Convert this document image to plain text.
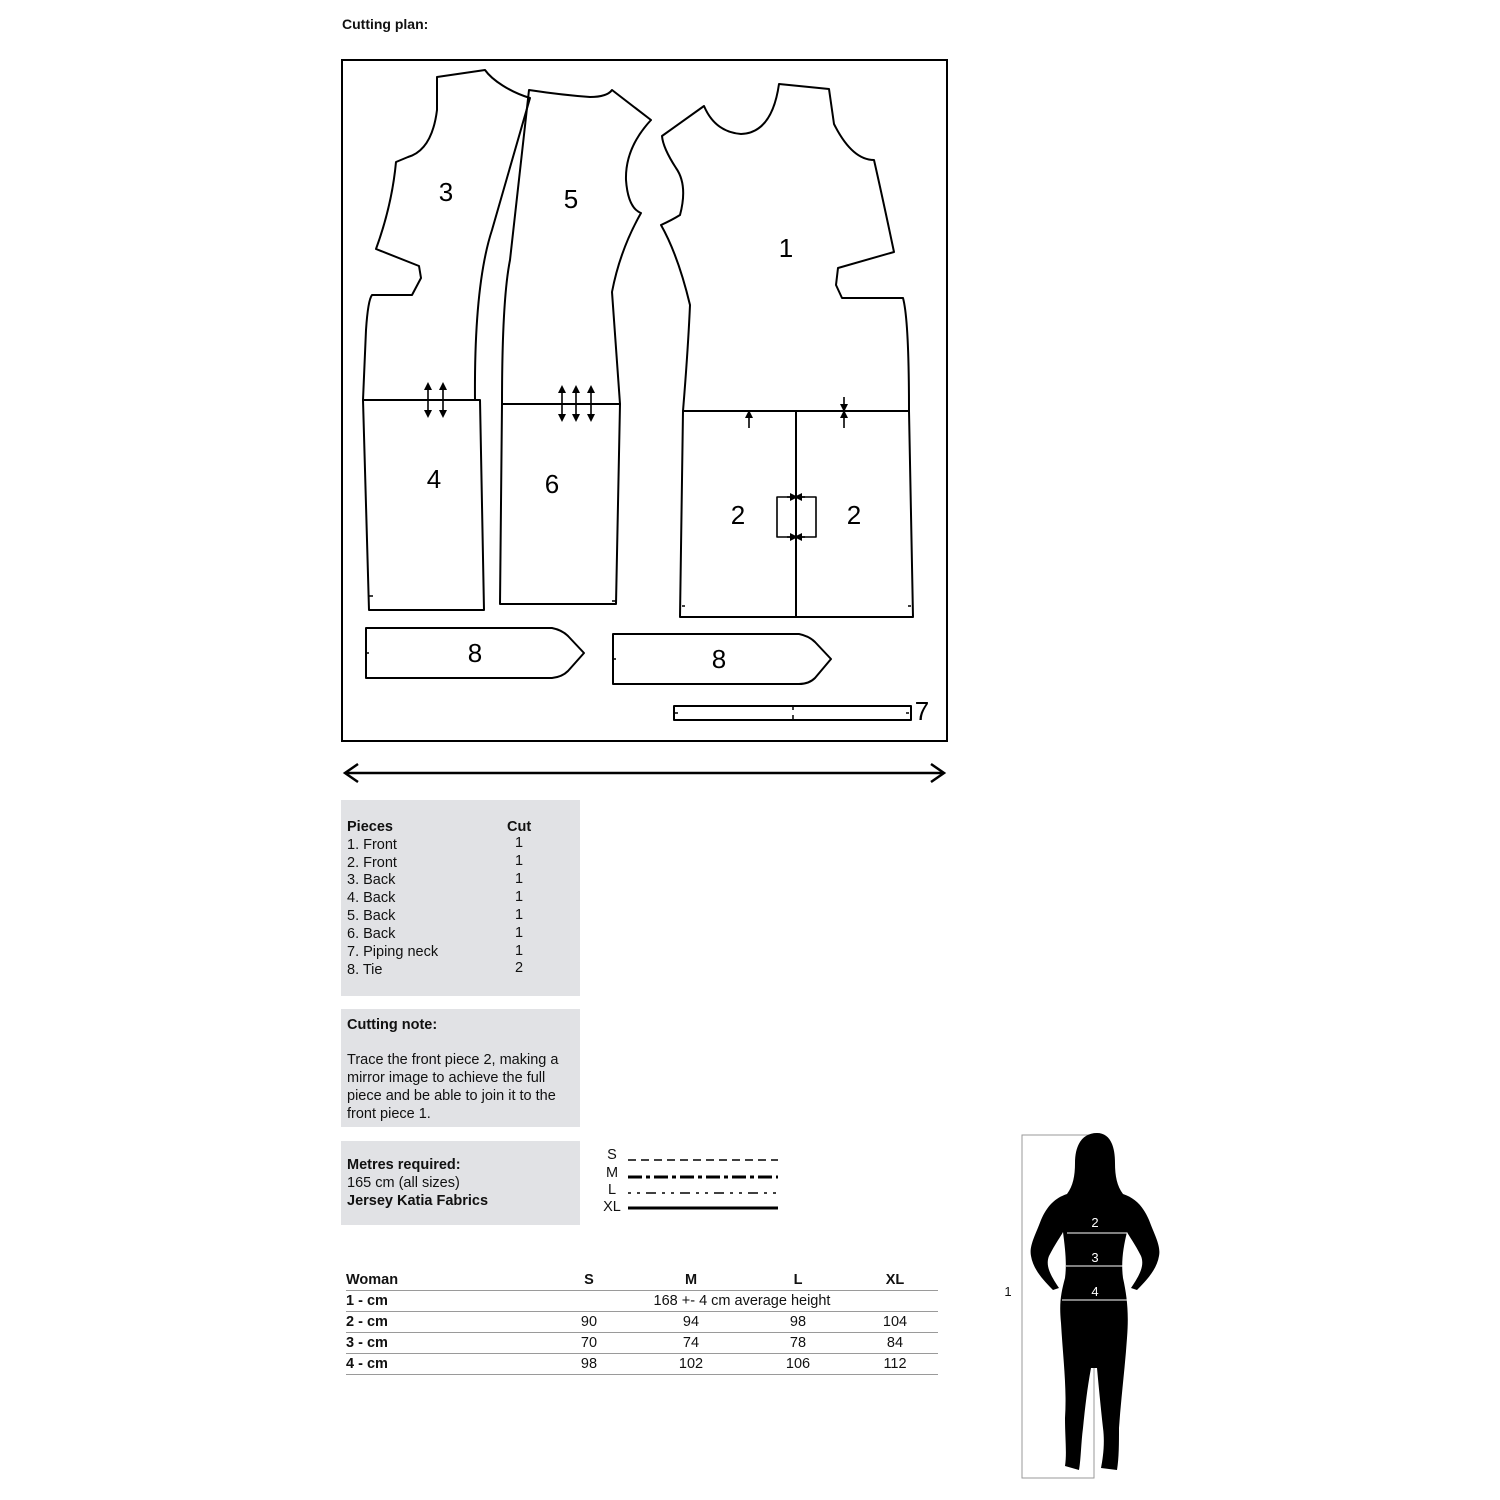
Cutting plan:
1
2	2
3
4
5
6
7
8	8
Pieces	Cut
1. Front	1
2. Front	1
3. Back	1
4. Back	1
5. Back	1
6. Back	1
7. Piping neck	1
8. Tie	2
Cutting note:
Trace the front piece 2, making a mirror image to achieve the full piece and be able to join it to the front piece 1.
Metres required:
165 cm (all sizes)
Jersey Katia Fabrics
S
M
L
XL
Woman	S	M	L	XL
1 - cm	168 +- 4 cm average height
2 - cm	90	94	98	104
3 - cm	70	74	78	84
4 - cm	98	102	106	112
1
2
3
4
